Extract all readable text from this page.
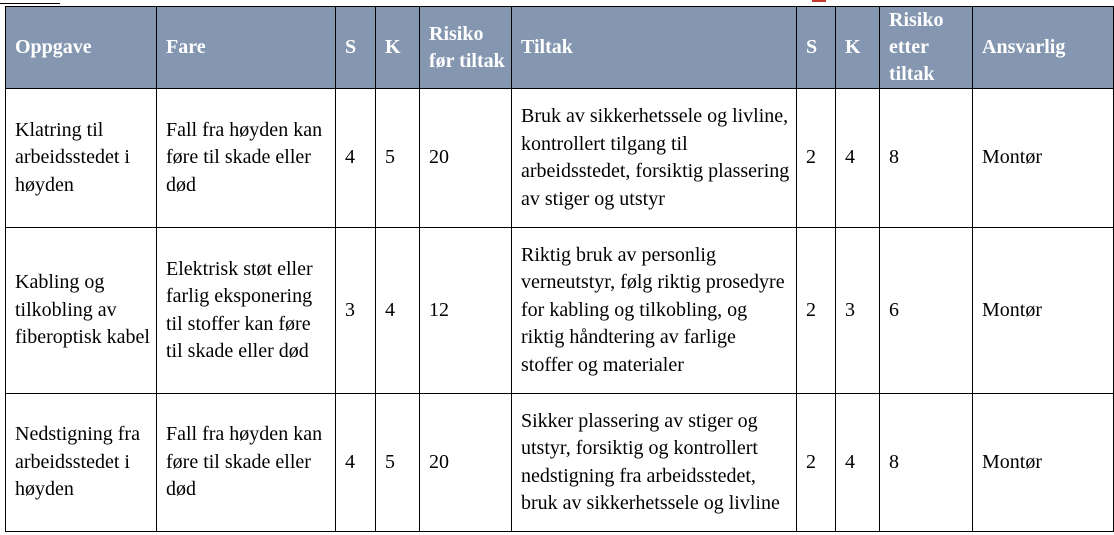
Oppgave	Fare	S	K	Risiko før tiltak	Tiltak	S	K	Risiko etter tiltak	Ansvarlig
Klatring til arbeidsstedet i høyden	Fall fra høyden kan føre til skade eller død	4	5	20	Bruk av sikkerhetssele og livline, kontrollert tilgang til arbeidsstedet, forsiktig plassering av stiger og utstyr	2	4	8	Montør
Kabling og tilkobling av fiberoptisk kabel	Elektrisk støt eller farlig eksponering til stoffer kan føre til skade eller død	3	4	12	Riktig bruk av personlig verneutstyr, følg riktig prosedyre for kabling og tilkobling, og riktig håndtering av farlige stoffer og materialer	2	3	6	Montør
Nedstigning fra arbeidsstedet i høyden	Fall fra høyden kan føre til skade eller død	4	5	20	Sikker plassering av stiger og utstyr, forsiktig og kontrollert nedstigning fra arbeidsstedet, bruk av sikkerhetssele og livline	2	4	8	Montør
